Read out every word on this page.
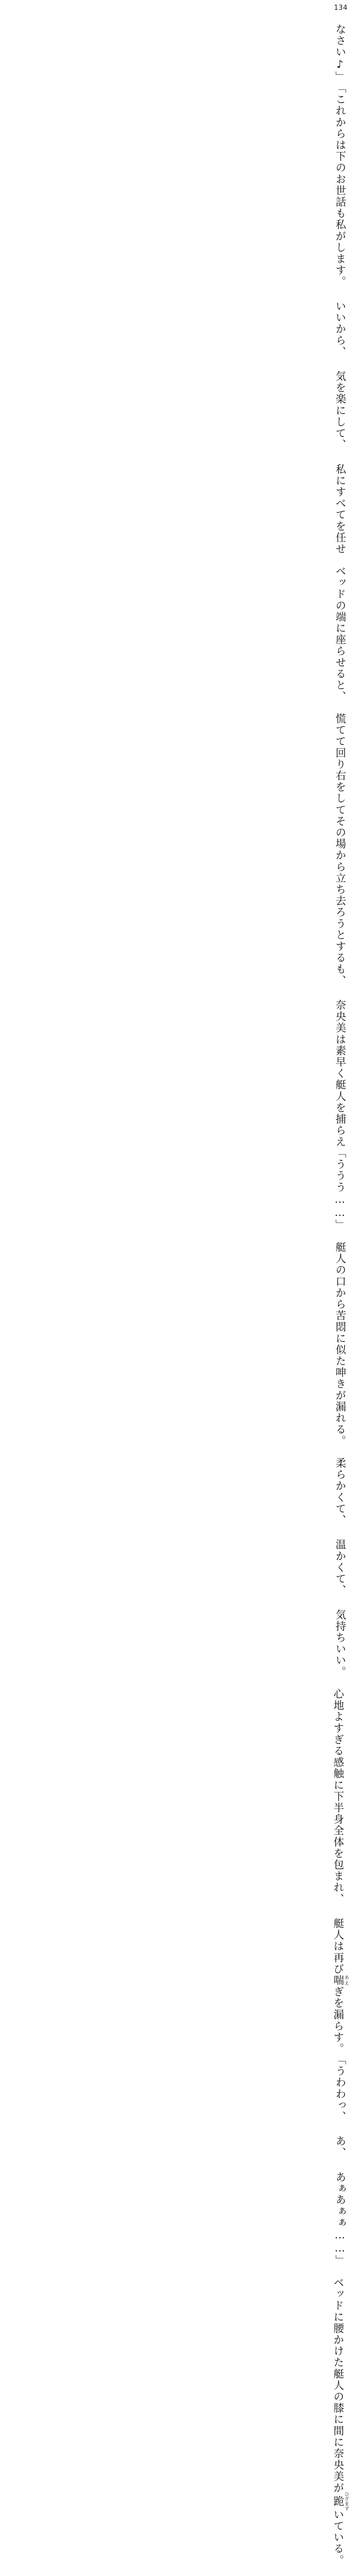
134
なさい♪」
「これからは下のお世話も私がします。 いいから、 気を楽にして、 私にすべてを任せ
ベッドの端に座らせると、
慌てて回り右をしてその場から立ち去ろうとするも、 奈央美は素早く艇人を捕らえ
「ううう……」
艇人の口から苦悶に似た呻きが漏れる。
柔らかくて、 温かくて、 気持ちいい。
心地よすぎる感触に下半身全体を包まれ、 艇人は再び喘 あえぎを漏らす。
「うわわっ、 あ、 あぁあぁぁ……」
ベッドに腰かけた艇人の膝に間に奈央美が跪 ひざまずいている。
